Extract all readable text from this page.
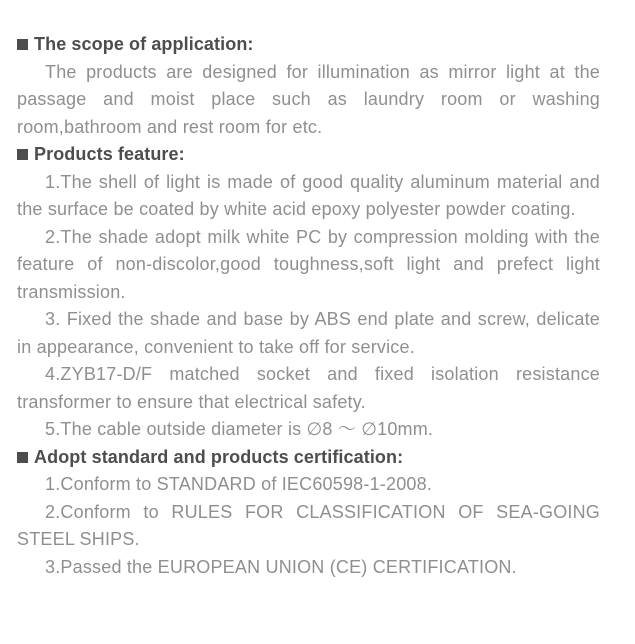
The scope of application:

The products are designed for illumination as mirror light at the passage and moist place such as laundry room or washing room,bathroom and rest room for etc.

Products feature:

1.The shell of light is made of good quality aluminum material and the surface be coated by white acid epoxy polyester powder coating.

2.The shade adopt milk white PC by compression molding with the feature of non-discolor,good toughness,soft light and prefect light transmission.

3. Fixed the shade and base by ABS end plate and screw, delicate in appearance, convenient to take off for service.

4.ZYB17-D/F matched socket and fixed isolation resistance transformer to ensure that electrical safety.

5.The cable outside diameter is ∅8 ～ ∅10mm.

Adopt standard and products certification:

1.Conform to STANDARD of IEC60598-1-2008.

2.Conform to RULES FOR CLASSIFICATION OF SEA-GOING STEEL SHIPS.

3.Passed the EUROPEAN UNION (CE) CERTIFICATION.
